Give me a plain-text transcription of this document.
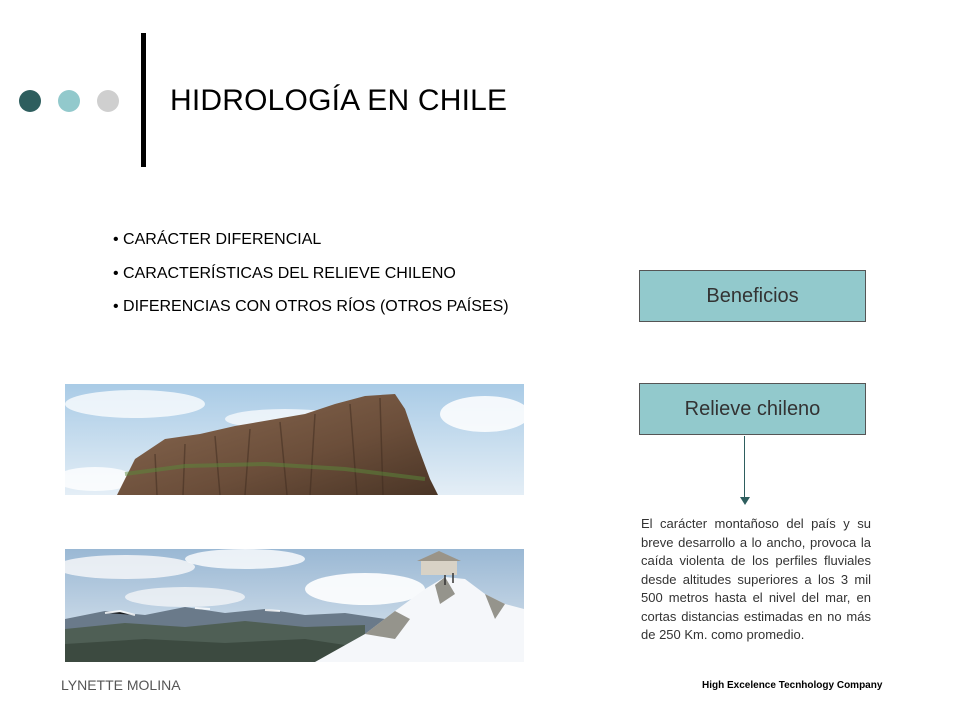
HIDROLOGÍA EN CHILE
• CARÁCTER DIFERENCIAL
• CARACTERÍSTICAS DEL RELIEVE CHILENO
• DIFERENCIAS CON OTROS RÍOS (OTROS PAÍSES)	Beneficios
Relieve chileno

El carácter montañoso del país y su breve desarrollo a lo ancho, provoca la caída violenta de los perfiles fluviales desde altitudes superiores a los 3 mil 500 metros hasta el nivel del mar, en cortas distancias estimadas en no más de 250 Km. como promedio.

LYNETTE MOLINA	High Excelence Tecnhology Company
